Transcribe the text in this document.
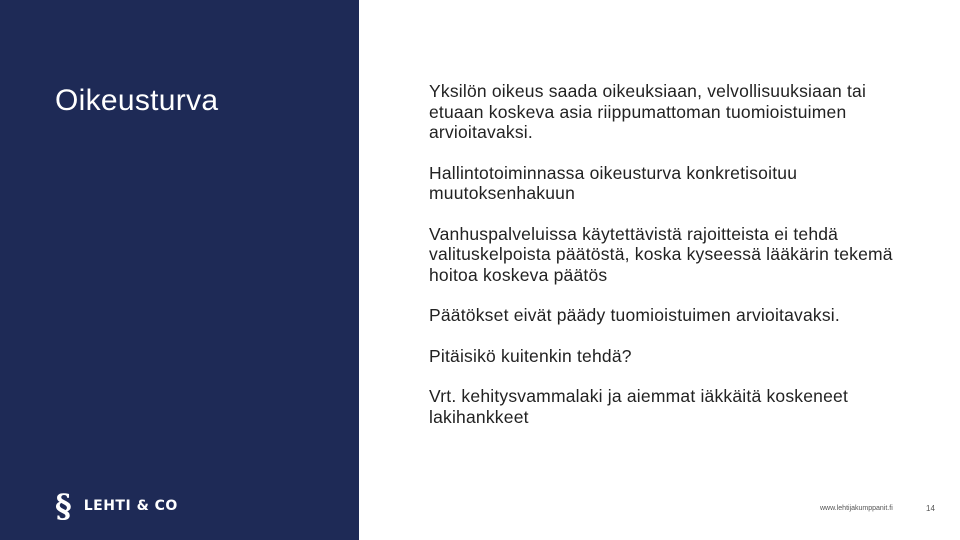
Oikeusturva
§ LEHTI & CO

Yksilön oikeus saada oikeuksiaan, velvollisuuksiaan tai etuaan koskeva asia riippumattoman tuomioistuimen arvioitavaksi.

Hallintotoiminnassa oikeusturva konkretisoituu muutoksenhakuun

Vanhuspalveluissa käytettävistä rajoitteista ei tehdä valituskelpoista päätöstä, koska kyseessä lääkärin tekemä hoitoa koskeva päätös

Päätökset eivät päädy tuomioistuimen arvioitavaksi.

Pitäisikö kuitenkin tehdä?

Vrt. kehitysvammalaki ja aiemmat iäkkäitä koskeneet lakihankkeet

www.lehtijakumppanit.fi	14
